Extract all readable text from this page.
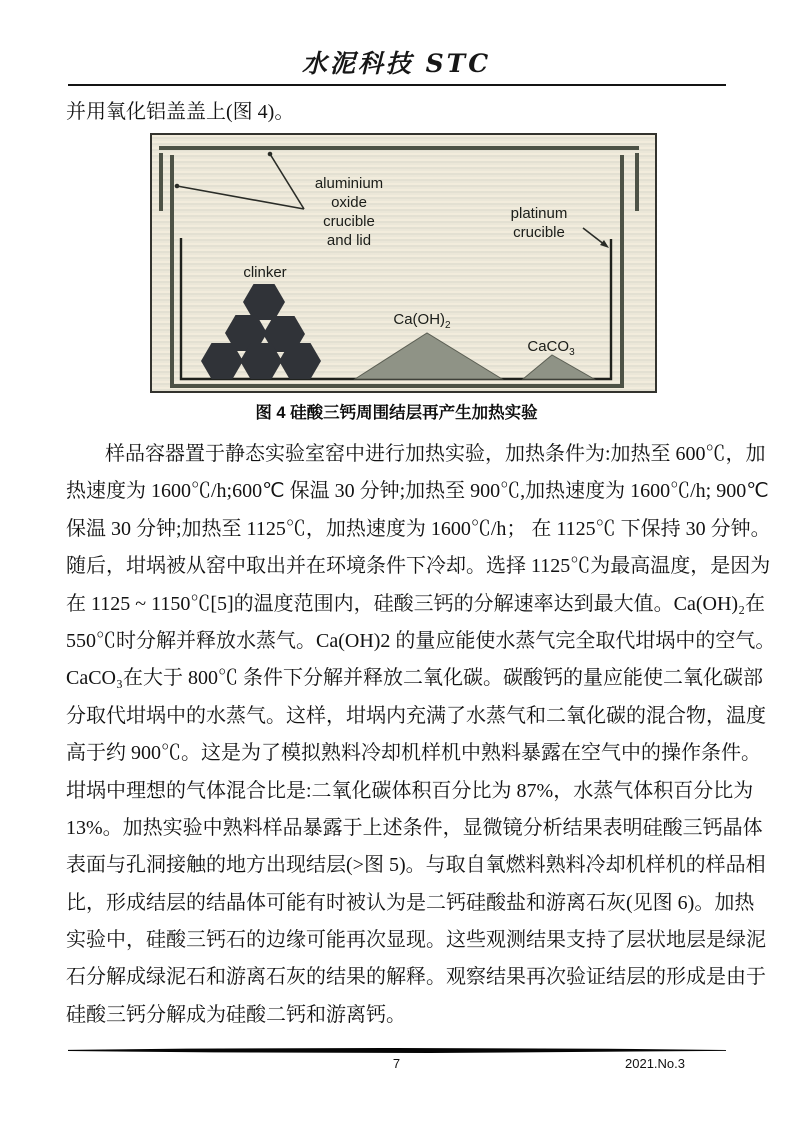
水泥科技 STC
并用氧化铝盖盖上(图 4)。
aluminium
oxide
crucible
and lid
platinum
crucible
clinker
$Ca(OH)_2$
CaCO$_3$
图 4 硅酸三钙周围结层再产生加热实验
样品容器置于静态实验室窑中进行加热实验，加热条件为:加热至 600℃，加
热速度为 1600℃/h;600℃ 保温 30 分钟;加热至 900℃,加热速度为 1600℃/h; 900℃
保温 30 分钟;加热至 1125℃，加热速度为 1600℃/h； 在 1125℃ 下保持 30 分钟。
随后，坩埚被从窑中取出并在环境条件下冷却。选择 1125℃为最高温度，是因为
在 1125 ~ 1150℃[5]的温度范围内，硅酸三钙的分解速率达到最大值。Ca(OH)₂在
550℃时分解并释放水蒸气。Ca(OH)2 的量应能使水蒸气完全取代坩埚中的空气。
CaCO₃在大于 800℃ 条件下分解并释放二氧化碳。碳酸钙的量应能使二氧化碳部
分取代坩埚中的水蒸气。这样，坩埚内充满了水蒸气和二氧化碳的混合物，温度
高于约 900℃。这是为了模拟熟料冷却机样机中熟料暴露在空气中的操作条件。
坩埚中理想的气体混合比是:二氧化碳体积百分比为 87%，水蒸气体积百分比为
13%。加热实验中熟料样品暴露于上述条件，显微镜分析结果表明硅酸三钙晶体
表面与孔洞接触的地方出现结层(>图 5)。与取自氧燃料熟料冷却机样机的样品相
比，形成结层的结晶体可能有时被认为是二钙硅酸盐和游离石灰(见图 6)。加热
实验中，硅酸三钙石的边缘可能再次显现。这些观测结果支持了层状地层是绿泥
石分解成绿泥石和游离石灰的结果的解释。观察结果再次验证结层的形成是由于
硅酸三钙分解成为硅酸二钙和游离钙。
7	2021.No.3
